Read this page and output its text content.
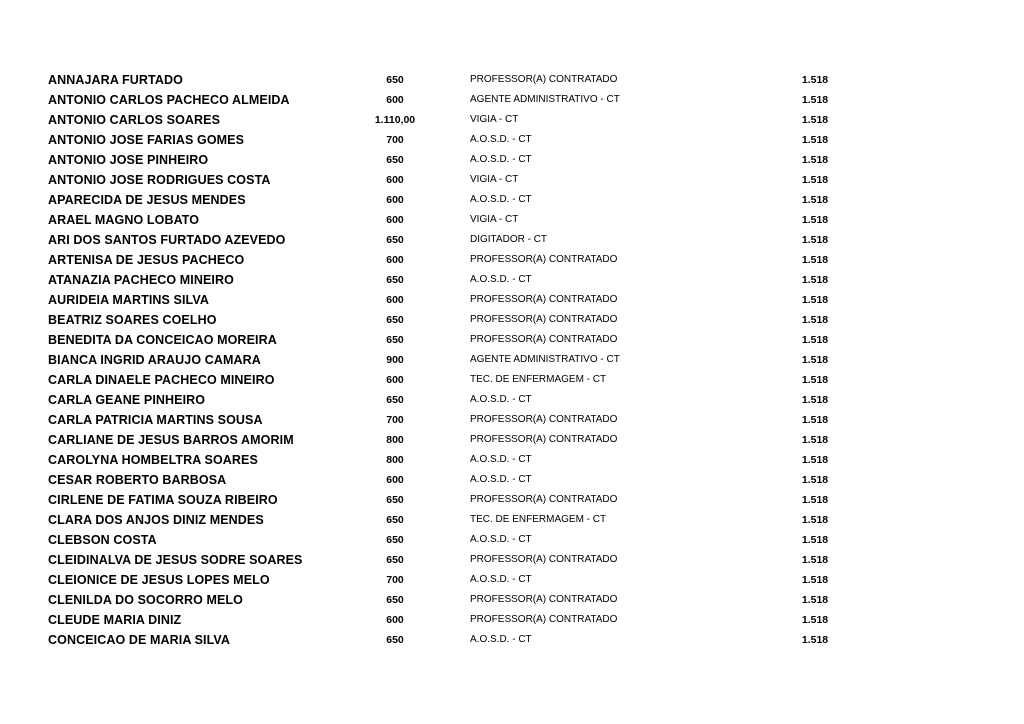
ANNAJARA FURTADO	650	PROFESSOR(A) CONTRATADO	1.518
ANTONIO CARLOS PACHECO ALMEIDA	600	AGENTE ADMINISTRATIVO - CT	1.518
ANTONIO CARLOS SOARES	1.110,00	VIGIA - CT	1.518
ANTONIO JOSE FARIAS GOMES	700	A.O.S.D. - CT	1.518
ANTONIO JOSE PINHEIRO	650	A.O.S.D. - CT	1.518
ANTONIO JOSE RODRIGUES COSTA	600	VIGIA - CT	1.518
APARECIDA DE JESUS MENDES	600	A.O.S.D. - CT	1.518
ARAEL MAGNO LOBATO	600	VIGIA - CT	1.518
ARI DOS SANTOS FURTADO AZEVEDO	650	DIGITADOR - CT	1.518
ARTENISA DE JESUS PACHECO	600	PROFESSOR(A) CONTRATADO	1.518
ATANAZIA PACHECO MINEIRO	650	A.O.S.D. - CT	1.518
AURIDEIA MARTINS SILVA	600	PROFESSOR(A) CONTRATADO	1.518
BEATRIZ SOARES COELHO	650	PROFESSOR(A) CONTRATADO	1.518
BENEDITA DA CONCEICAO MOREIRA	650	PROFESSOR(A) CONTRATADO	1.518
BIANCA INGRID ARAUJO CAMARA	900	AGENTE ADMINISTRATIVO - CT	1.518
CARLA DINAELE PACHECO MINEIRO	600	TEC. DE ENFERMAGEM - CT	1.518
CARLA GEANE PINHEIRO	650	A.O.S.D. - CT	1.518
CARLA PATRICIA MARTINS SOUSA	700	PROFESSOR(A) CONTRATADO	1.518
CARLIANE DE JESUS BARROS AMORIM	800	PROFESSOR(A) CONTRATADO	1.518
CAROLYNA HOMBELTRA SOARES	800	A.O.S.D. - CT	1.518
CESAR ROBERTO BARBOSA	600	A.O.S.D. - CT	1.518
CIRLENE DE FATIMA SOUZA RIBEIRO	650	PROFESSOR(A) CONTRATADO	1.518
CLARA DOS ANJOS DINIZ MENDES	650	TEC. DE ENFERMAGEM - CT	1.518
CLEBSON COSTA	650	A.O.S.D. - CT	1.518
CLEIDINALVA DE JESUS SODRE SOARES	650	PROFESSOR(A) CONTRATADO	1.518
CLEIONICE DE JESUS LOPES MELO	700	A.O.S.D. - CT	1.518
CLENILDA DO SOCORRO MELO	650	PROFESSOR(A) CONTRATADO	1.518
CLEUDE MARIA DINIZ	600	PROFESSOR(A) CONTRATADO	1.518
CONCEICAO DE MARIA SILVA	650	A.O.S.D. - CT	1.518
